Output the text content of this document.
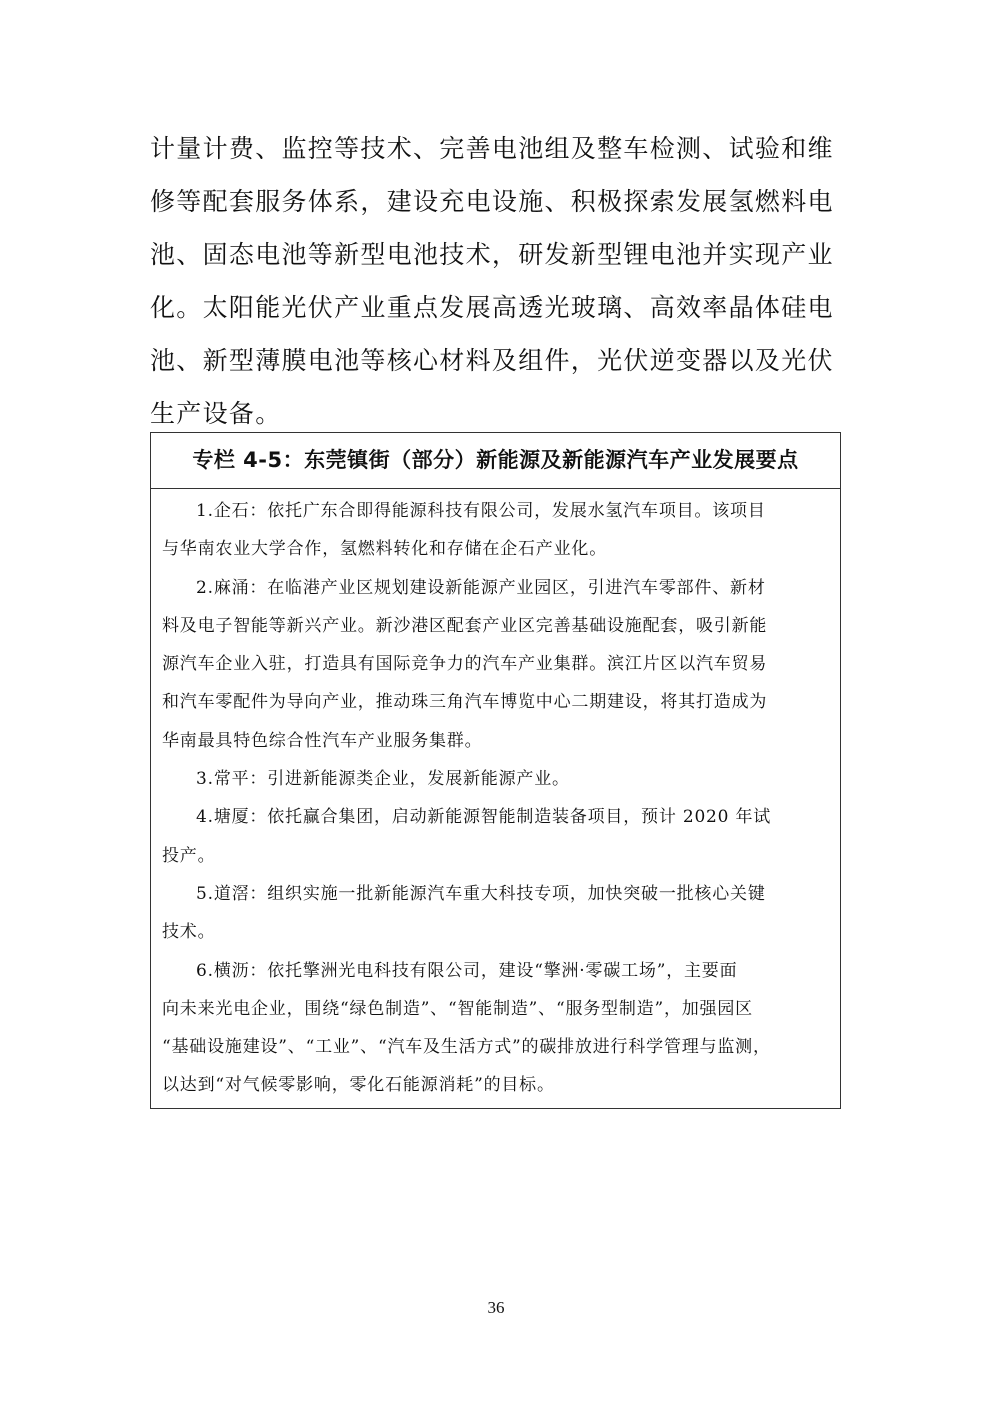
计量计费、监控等技术、完善电池组及整车检测、试验和维
修等配套服务体系，建设充电设施、积极探索发展氢燃料电
池、固态电池等新型电池技术，研发新型锂电池并实现产业
化。太阳能光伏产业重点发展高透光玻璃、高效率晶体硅电
池、新型薄膜电池等核心材料及组件，光伏逆变器以及光伏
生产设备。
专栏 4-5：东莞镇街（部分）新能源及新能源汽车产业发展要点
1.企石：依托广东合即得能源科技有限公司，发展水氢汽车项目。该项目
与华南农业大学合作，氢燃料转化和存储在企石产业化。
2.麻涌：在临港产业区规划建设新能源产业园区，引进汽车零部件、新材
料及电子智能等新兴产业。新沙港区配套产业区完善基础设施配套，吸引新能
源汽车企业入驻，打造具有国际竞争力的汽车产业集群。滨江片区以汽车贸易
和汽车零配件为导向产业，推动珠三角汽车博览中心二期建设，将其打造成为
华南最具特色综合性汽车产业服务集群。
3.常平：引进新能源类企业，发展新能源产业。
4.塘厦：依托赢合集团，启动新能源智能制造装备项目，预计 2020 年试
投产。
5.道滘：组织实施一批新能源汽车重大科技专项，加快突破一批核心关键
技术。
6.横沥：依托擎洲光电科技有限公司，建设“擎洲·零碳工场”，主要面
向未来光电企业，围绕“绿色制造”、“智能制造”、“服务型制造”，加强园区
“基础设施建设”、“工业”、“汽车及生活方式”的碳排放进行科学管理与监测，
以达到“对气候零影响，零化石能源消耗”的目标。
36
